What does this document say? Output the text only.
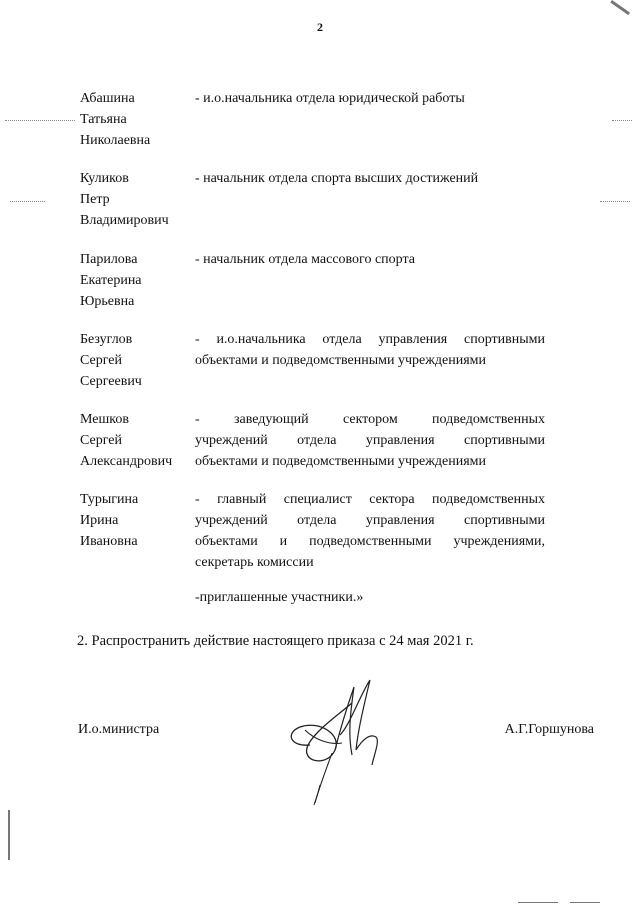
2
Абашина
Татьяна
Николаевна
- и.о.начальника отдела юридической работы
Куликов
Петр
Владимирович
- начальник отдела спорта высших достижений
Парилова
Екатерина
Юрьевна
- начальник отдела массового спорта
Безуглов
Сергей
Сергеевич
- и.о.начальника отдела управления спортивными
объектами и подведомственными учреждениями
Мешков
Сергей
Александрович
- заведующий сектором подведомственных
учреждений отдела управления спортивными
объектами и подведомственными учреждениями
Турыгина
Ирина
Ивановна
- главный специалист сектора подведомственных
учреждений отдела управления спортивными
объектами и подведомственными учреждениями,
секретарь комиссии
-приглашенные участники.»
2. Распространить действие настоящего приказа с 24 мая 2021 г.
И.о.министра	А.Г.Горшунова
